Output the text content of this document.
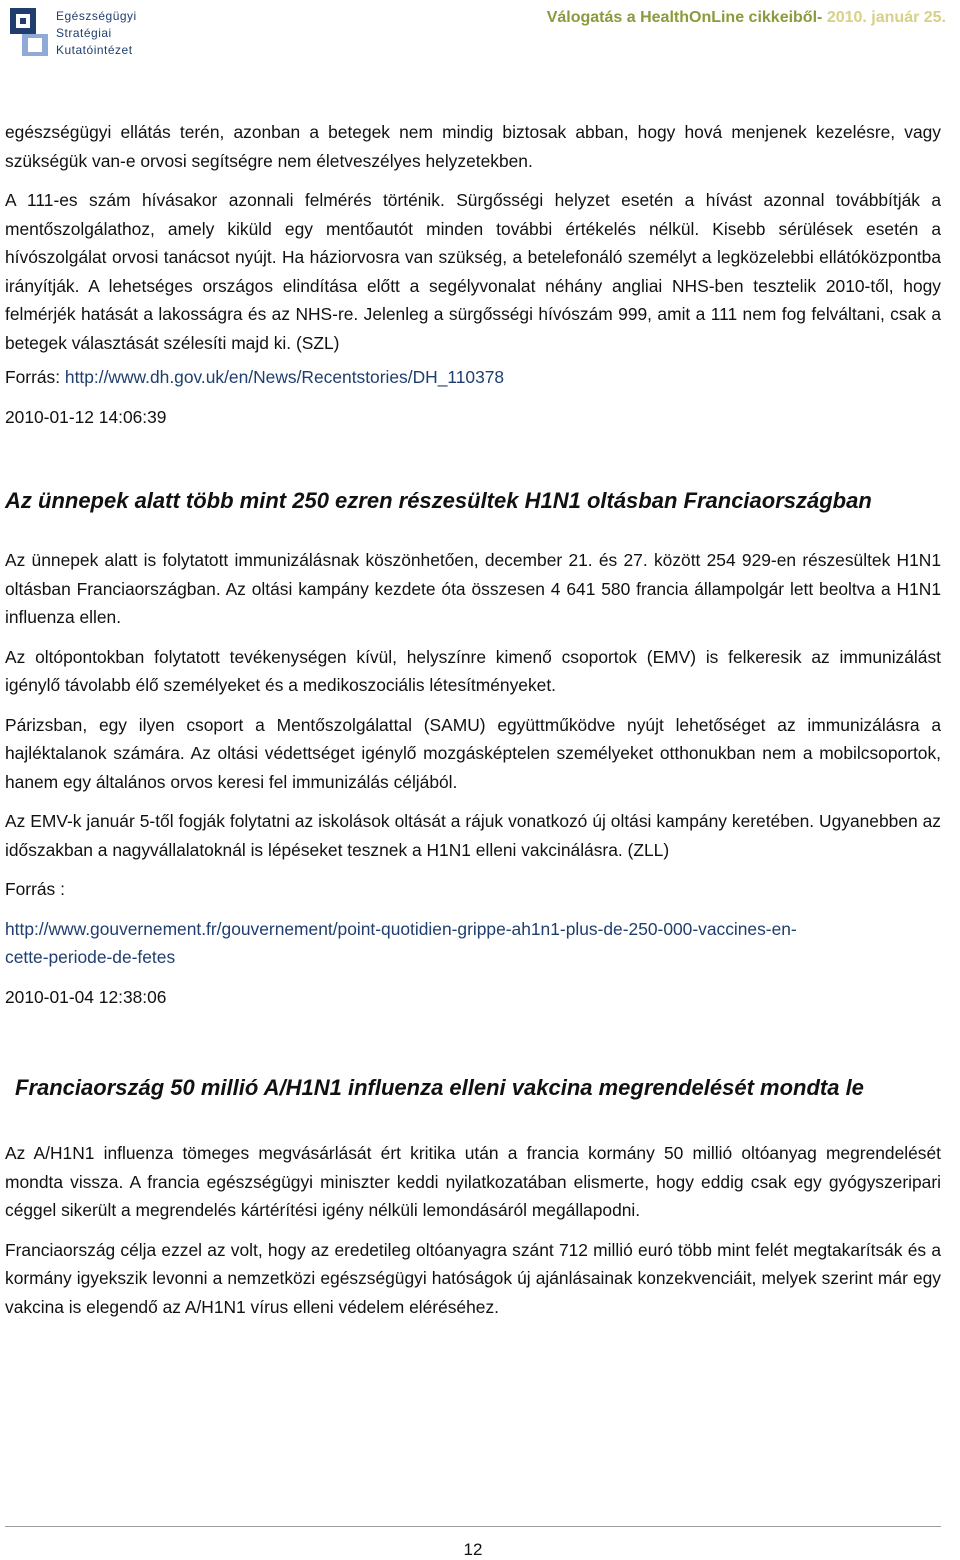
Egészségügyi
Stratégiai
Kutatóintézet
Válogatás a HealthOnLine cikkeiből- 2010. január 25.

egészségügyi ellátás terén, azonban a betegek nem mindig biztosak abban, hogy hová menjenek kezelésre, vagy szükségük van-e orvosi segítségre nem életveszélyes helyzetekben.

A 111-es szám hívásakor azonnali felmérés történik. Sürgősségi helyzet esetén a hívást azonnal továbbítják a mentőszolgálathoz, amely kiküld egy mentőautót minden további értékelés nélkül. Kisebb sérülések esetén a hívószolgálat orvosi tanácsot nyújt. Ha háziorvosra van szükség, a betelefonáló személyt a legközelebbi ellátóközpontba irányítják. A lehetséges országos elindítása előtt a segélyvonalat néhány angliai NHS-ben tesztelik 2010-től, hogy felmérjék hatását a lakosságra és az NHS-re. Jelenleg a sürgősségi hívószám 999, amit a 111 nem fog felváltani, csak a betegek választását szélesíti majd ki. (SZL)

Forrás: http://www.dh.gov.uk/en/News/Recentstories/DH_110378

2010-01-12 14:06:39

Az ünnepek alatt több mint 250 ezren részesültek H1N1 oltásban Franciaországban

Az ünnepek alatt is folytatott immunizálásnak köszönhetően, december 21. és 27. között 254 929-en részesültek H1N1 oltásban Franciaországban. Az oltási kampány kezdete óta összesen 4 641 580 francia állampolgár lett beoltva a H1N1 influenza ellen.

Az oltópontokban folytatott tevékenységen kívül, helyszínre kimenő csoportok (EMV) is felkeresik az immunizálást igénylő távolabb élő személyeket és a medikoszociális létesítményeket.

Párizsban, egy ilyen csoport a Mentőszolgálattal (SAMU) együttműködve nyújt lehetőséget az immunizálásra a hajléktalanok számára. Az oltási védettséget igénylő mozgásképtelen személyeket otthonukban nem a mobilcsoportok, hanem egy általános orvos keresi fel immunizálás céljából.

Az EMV-k január 5-től fogják folytatni az iskolások oltását a rájuk vonatkozó új oltási kampány keretében. Ugyanebben az időszakban a nagyvállalatoknál is lépéseket tesznek a H1N1 elleni vakcinálásra. (ZLL)

Forrás :

http://www.gouvernement.fr/gouvernement/point-quotidien-grippe-ah1n1-plus-de-250-000-vaccines-en-
cette-periode-de-fetes

2010-01-04 12:38:06

Franciaország 50 millió A/H1N1 influenza elleni vakcina megrendelését mondta le

Az A/H1N1 influenza tömeges megvásárlását ért kritika után a francia kormány 50 millió oltóanyag megrendelését mondta vissza. A francia egészségügyi miniszter keddi nyilatkozatában elismerte, hogy eddig csak egy gyógyszeripari céggel sikerült a megrendelés kártérítési igény nélküli lemondásáról megállapodni.

Franciaország célja ezzel az volt, hogy az eredetileg oltóanyagra szánt 712 millió euró több mint felét megtakarítsák és a kormány igyekszik levonni a nemzetközi egészségügyi hatóságok új ajánlásainak konzekvenciáit, melyek szerint már egy vakcina is elegendő az A/H1N1 vírus elleni védelem eléréséhez.

12
